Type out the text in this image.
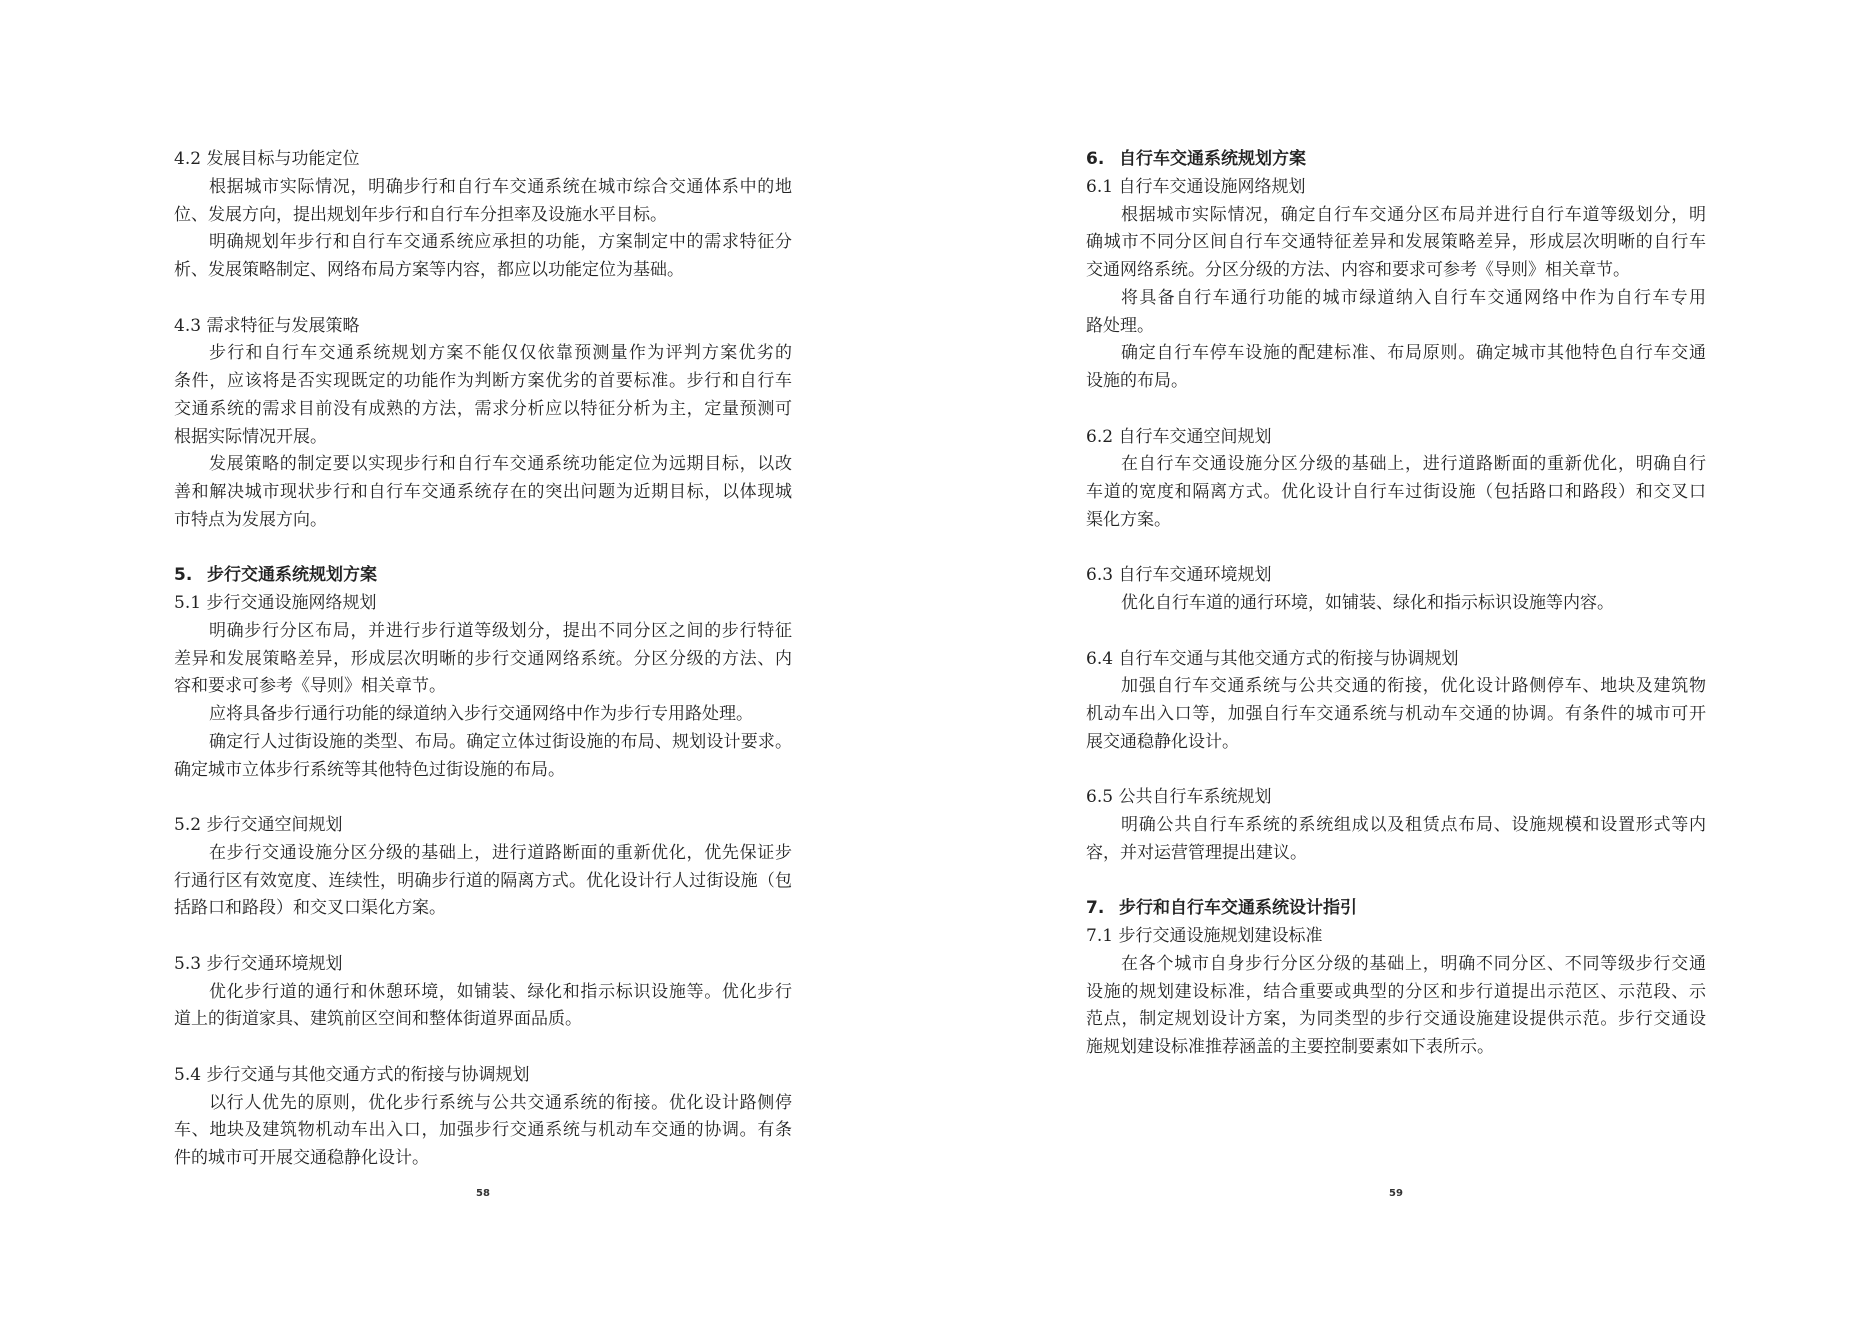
4.2 发展目标与功能定位
根据城市实际情况，明确步行和自行车交通系统在城市综合交通体系中的地
位、发展方向，提出规划年步行和自行车分担率及设施水平目标。
明确规划年步行和自行车交通系统应承担的功能，方案制定中的需求特征分
析、发展策略制定、网络布局方案等内容，都应以功能定位为基础。
4.3 需求特征与发展策略
步行和自行车交通系统规划方案不能仅仅依靠预测量作为评判方案优劣的
条件，应该将是否实现既定的功能作为判断方案优劣的首要标准。步行和自行车
交通系统的需求目前没有成熟的方法，需求分析应以特征分析为主，定量预测可
根据实际情况开展。
发展策略的制定要以实现步行和自行车交通系统功能定位为远期目标，以改
善和解决城市现状步行和自行车交通系统存在的突出问题为近期目标，以体现城
市特点为发展方向。
5. 步行交通系统规划方案
5.1 步行交通设施网络规划
明确步行分区布局，并进行步行道等级划分，提出不同分区之间的步行特征
差异和发展策略差异，形成层次明晰的步行交通网络系统。分区分级的方法、内
容和要求可参考《导则》相关章节。
应将具备步行通行功能的绿道纳入步行交通网络中作为步行专用路处理。
确定行人过街设施的类型、布局。确定立体过街设施的布局、规划设计要求。
确定城市立体步行系统等其他特色过街设施的布局。
5.2 步行交通空间规划
在步行交通设施分区分级的基础上，进行道路断面的重新优化，优先保证步
行通行区有效宽度、连续性，明确步行道的隔离方式。优化设计行人过街设施（包
括路口和路段）和交叉口渠化方案。
5.3 步行交通环境规划
优化步行道的通行和休憩环境，如铺装、绿化和指示标识设施等。优化步行
道上的街道家具、建筑前区空间和整体街道界面品质。
5.4 步行交通与其他交通方式的衔接与协调规划
以行人优先的原则，优化步行系统与公共交通系统的衔接。优化设计路侧停
车、地块及建筑物机动车出入口，加强步行交通系统与机动车交通的协调。有条
件的城市可开展交通稳静化设计。
58
6. 自行车交通系统规划方案
6.1 自行车交通设施网络规划
根据城市实际情况，确定自行车交通分区布局并进行自行车道等级划分，明
确城市不同分区间自行车交通特征差异和发展策略差异，形成层次明晰的自行车
交通网络系统。分区分级的方法、内容和要求可参考《导则》相关章节。
将具备自行车通行功能的城市绿道纳入自行车交通网络中作为自行车专用
路处理。
确定自行车停车设施的配建标准、布局原则。确定城市其他特色自行车交通
设施的布局。
6.2 自行车交通空间规划
在自行车交通设施分区分级的基础上，进行道路断面的重新优化，明确自行
车道的宽度和隔离方式。优化设计自行车过街设施（包括路口和路段）和交叉口
渠化方案。
6.3 自行车交通环境规划
优化自行车道的通行环境，如铺装、绿化和指示标识设施等内容。
6.4 自行车交通与其他交通方式的衔接与协调规划
加强自行车交通系统与公共交通的衔接，优化设计路侧停车、地块及建筑物
机动车出入口等，加强自行车交通系统与机动车交通的协调。有条件的城市可开
展交通稳静化设计。
6.5 公共自行车系统规划
明确公共自行车系统的系统组成以及租赁点布局、设施规模和设置形式等内
容，并对运营管理提出建议。
7. 步行和自行车交通系统设计指引
7.1 步行交通设施规划建设标准
在各个城市自身步行分区分级的基础上，明确不同分区、不同等级步行交通
设施的规划建设标准，结合重要或典型的分区和步行道提出示范区、示范段、示
范点，制定规划设计方案，为同类型的步行交通设施建设提供示范。步行交通设
施规划建设标准推荐涵盖的主要控制要素如下表所示。
59
